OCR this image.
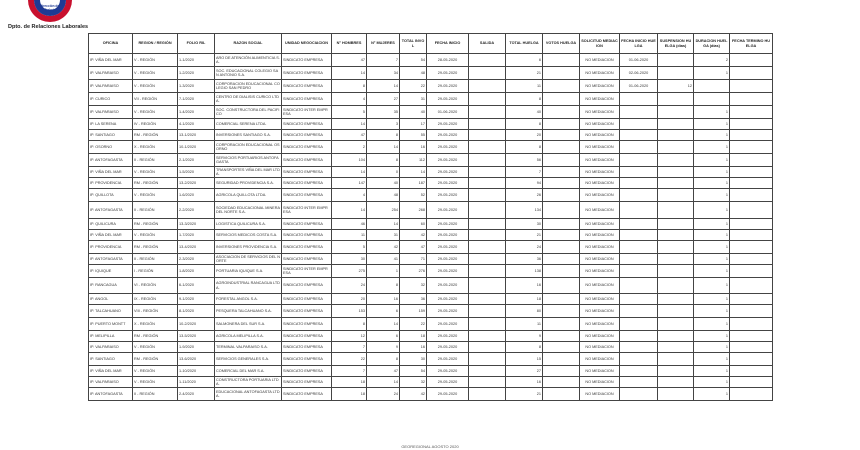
Dirección del
Trabajo
Dpto. de Relaciones Laborales
OFICINA	REGION / REGIÓN	FOLIO RIL	RAZON SOCIAL	UNIDAD NEGOCIACION	N° HOMBRES	N° MUJERES	TOTAL INVOL	FECHA INICIO	SALIDA	TOTAL HUELGA	VOTOS HUELGA	SOLICITUD MEDIACION	FECHA INICIO HUELGA	SUSPENSION HUELGA (días)	DURACION HUELGA (días)	FECHA TERMINO HUELGA
IP. VIÑA DEL MAR	V - REGIÓN	1-1/2020	ARO DE ATENCIÓN ALIMENTICIA S.A.	SINDICATO EMPRESA	47	7	54	28-05-2020		6		NO MEDIACION	01-06-2020		2	
IP. VALPARAISO	V - REGIÓN	1-2/2020	SOC. EDUCACIONAL COLEGIO SAN ANTONIO S.A.	SINDICATO EMPRESA	14	34	48	29-05-2020		21		NO MEDIACION	02-06-2020		1	
IP. VALPARAISO	V - REGIÓN	1-3/2020	CORPORACION EDUCACIONAL COLEGIO SAN PEDRO	SINDICATO EMPRESA	8	14	22	29-05-2020		11		NO MEDIACION	01-06-2020	12		
IP. CURICO	VII - REGIÓN	7-1/2020	CENTRO DE DIALISIS CURICO LTDA.	SINDICATO EMPRESA	4	27	31	29-05-2020		8		NO MEDIACION				
IP. VALPARAISO	V - REGIÓN	1-4/2020	SOC. CONSTRUCTORA DEL PACIFICO	SINDICATO INTER EMPRESA	5	35	40	01-06-2020		40		NO MEDIACION			1	
IP. LA SERENA	IV - REGIÓN	4-1/2020	COMERCIAL SERENA LTDA.	SINDICATO EMPRESA	14	3	17	29-05-2020		8		NO MEDIACION			1	
IP. SANTIAGO	RM - REGIÓN	13-1/2020	INVERSIONES SANTIAGO S.A.	SINDICATO EMPRESA	47	8	55	29-05-2020		20		NO MEDIACION			1	
IP. OSORNO	X - REGIÓN	10-1/2020	CORPORACION EDUCACIONAL OSORNO	SINDICATO EMPRESA	2	14	16	29-05-2020		8		NO MEDIACION			1	
IP. ANTOFAGASTA	II - REGIÓN	2-1/2020	SERVICIOS PORTUARIOS ANTOFAGASTA	SINDICATO EMPRESA	104	8	112	29-05-2020		56		NO MEDIACION			1	
IP. VIÑA DEL MAR	V - REGIÓN	1-5/2020	TRANSPORTES VIÑA DEL MAR LTDA.	SINDICATO EMPRESA	14	0	14	29-05-2020		7		NO MEDIACION			1	
IP. PROVIDENCIA	RM - REGIÓN	13-2/2020	SEGURIDAD PROVIDENCIA S.A.	SINDICATO EMPRESA	147	40	187	29-05-2020		94		NO MEDIACION			1	
IP. QUILLOTA	V - REGIÓN	1-6/2020	AGRICOLA QUILLOTA LTDA.	SINDICATO EMPRESA	4	48	52	29-05-2020		26		NO MEDIACION			1	
IP. ANTOFAGASTA	II - REGIÓN	2-2/2020	SOCIEDAD EDUCACIONAL MINERA DEL NORTE S.A.	SINDICATO INTER EMPRESA	14	254	268	29-05-2020		134		NO MEDIACION			1	
IP. QUILICURA	RM - REGIÓN	13-3/2020	LOGISTICA QUILICURA S.A.	SINDICATO EMPRESA	46	14	60	29-05-2020		30		NO MEDIACION			1	
IP. VIÑA DEL MAR	V - REGIÓN	1-7/2020	SERVICIOS MEDICOS COSTA S.A.	SINDICATO EMPRESA	11	31	42	29-05-2020		21		NO MEDIACION			1	
IP. PROVIDENCIA	RM - REGIÓN	13-4/2020	INVERSIONES PROVIDENCIA S.A.	SINDICATO EMPRESA	5	42	47	29-05-2020		24		NO MEDIACION			1	
IP. ANTOFAGASTA	II - REGIÓN	2-3/2020	ASOCIACION DE SERVICIOS DEL NORTE	SINDICATO EMPRESA	30	41	71	29-05-2020		36		NO MEDIACION			1	
IP. IQUIQUE	I - REGIÓN	1-8/2020	PORTUARIA IQUIQUE S.A.	SINDICATO INTER EMPRESA	275	1	276	29-05-2020		138		NO MEDIACION			1	
IP. RANCAGUA	VI - REGIÓN	6-1/2020	AGROINDUSTRIAL RANCAGUA LTDA.	SINDICATO EMPRESA	24	8	32	29-05-2020		16		NO MEDIACION			1	
IP. ANGOL	IX - REGIÓN	9-1/2020	FORESTAL ANGOL S.A.	SINDICATO EMPRESA	20	16	36	29-05-2020		18		NO MEDIACION			1	
IP. TALCAHUANO	VIII - REGIÓN	8-1/2020	PESQUERA TALCAHUANO S.A.	SINDICATO EMPRESA	153	6	159	29-05-2020		80		NO MEDIACION			1	
IP. PUERTO MONTT	X - REGIÓN	10-2/2020	SALMONERA DEL SUR S.A.	SINDICATO EMPRESA	8	14	22	29-05-2020		11		NO MEDIACION			1	
IP. MELIPILLA	RM - REGIÓN	13-5/2020	AGRICOLA MELIPILLA S.A.	SINDICATO EMPRESA	12	6	18	29-05-2020		9		NO MEDIACION			1	
IP. VALPARAISO	V - REGIÓN	1-9/2020	TERMINAL VALPARAISO S.A.	SINDICATO EMPRESA	7	9	16	29-05-2020		8		NO MEDIACION			1	
IP. SANTIAGO	RM - REGIÓN	13-6/2020	SERVICIOS GENERALES S.A.	SINDICATO EMPRESA	22	8	30	29-05-2020		15		NO MEDIACION			1	
IP. VIÑA DEL MAR	V - REGIÓN	1-10/2020	COMERCIAL DEL MAR S.A.	SINDICATO EMPRESA	7	47	54	29-05-2020		27		NO MEDIACION			1	
IP. VALPARAISO	V - REGIÓN	1-11/2020	CONSTRUCTORA PORTUARIA LTDA.	SINDICATO EMPRESA	18	14	32	29-05-2020		16		NO MEDIACION			1	
IP. ANTOFAGASTA	II - REGIÓN	2-4/2020	EDUCACIONAL ANTOFAGASTA LTDA.	SINDICATO EMPRESA	18	24	42	29-05-2020		21		NO MEDIACION			1	
GEOREGIONAL AGOSTO 2020
